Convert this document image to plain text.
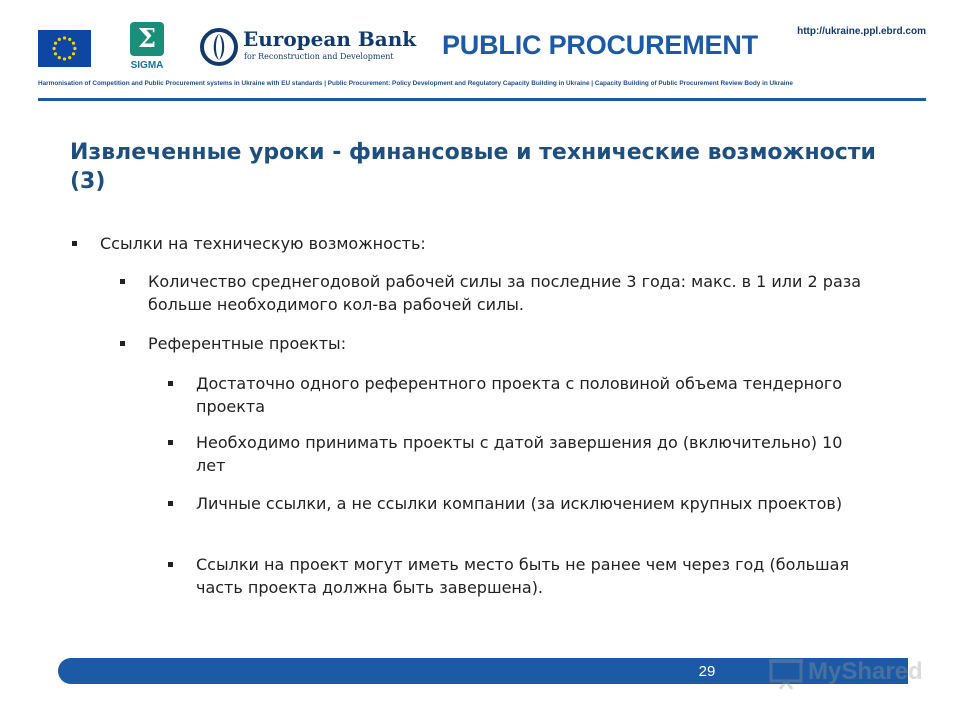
Σ
SIGMA
European Bank
for Reconstruction and Development PUBLIC PROCUREMENT	http://ukraine.ppl.ebrd.com
Harmonisation of Competition and Public Procurement systems in Ukraine with EU standards | Public Procurement: Policy Development and Regulatory Capacity Building in Ukraine | Capacity Building of Public Procurement Review Body in Ukraine
Извлеченные уроки - финансовые и технические возможности (3)
Ссылки на техническую возможность:
Количество среднегодовой рабочей силы за последние 3 года: макс. в 1 или 2 раза больше необходимого кол-ва рабочей силы.
Референтные проекты:
Достаточно одного референтного проекта с половиной объема тендерного проекта
Необходимо принимать проекты с датой завершения до (включительно) 10 лет
Личные ссылки, а не ссылки компании (за исключением крупных проектов)
Ссылки на проект могут иметь место быть не ранее чем через год (большая часть проекта должна быть завершена).
29	MyShared
